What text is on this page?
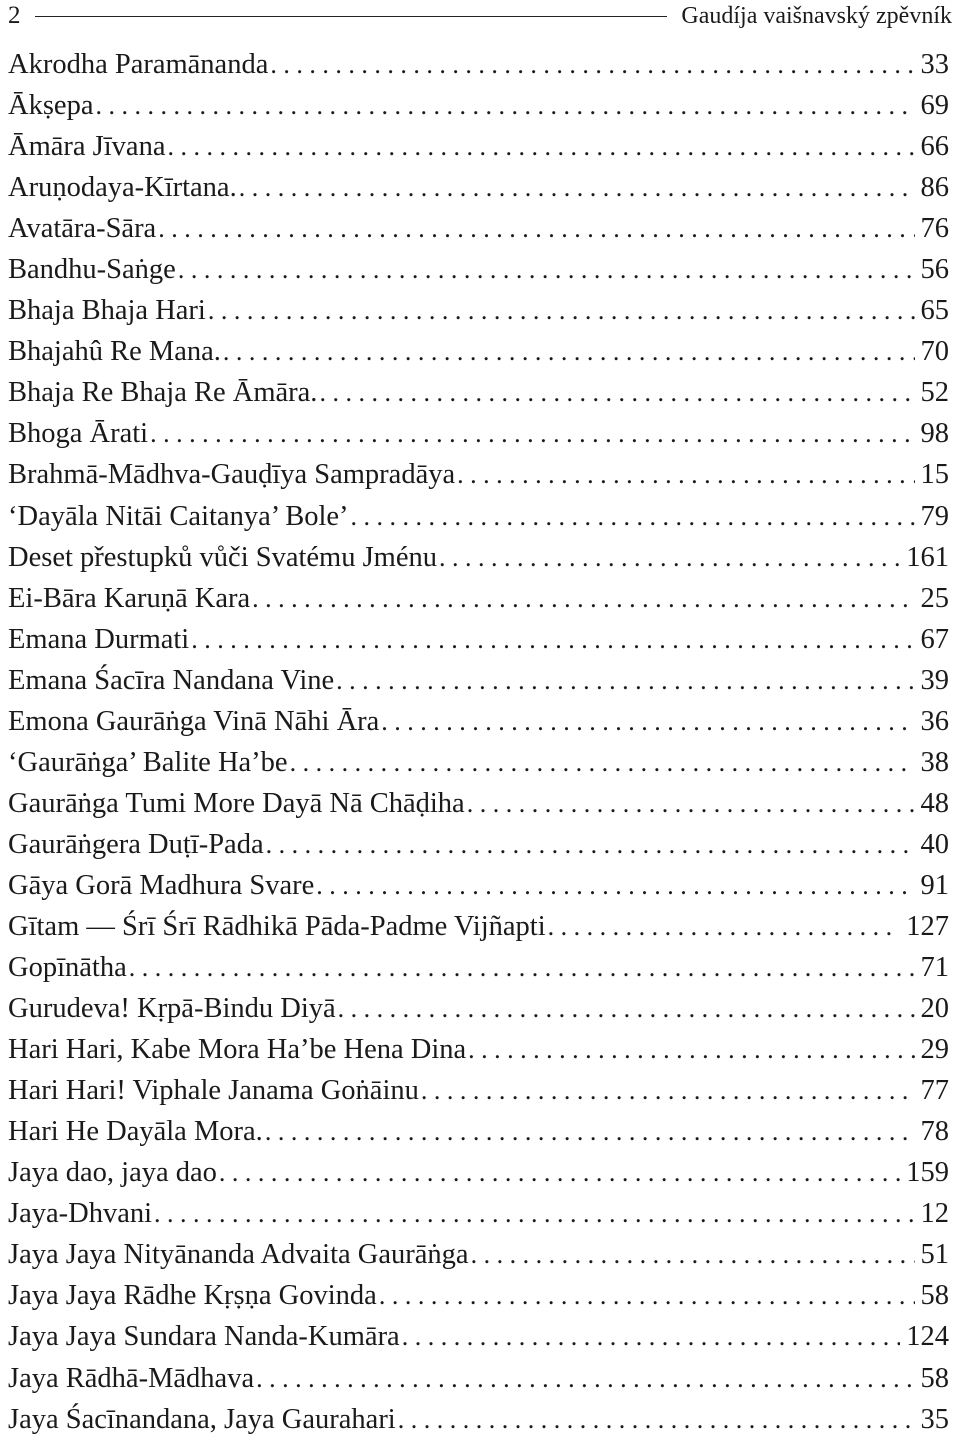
2	Gaudíja vaišnavský zpěvník
Akrodha Paramānanda . . .	33
Ākṣepa . . .	69
Āmāra Jīvana . . .	66
Aruṇodaya-Kīrtana. . . .	86
Avatāra-Sāra . . .	76
Bandhu-Saṅge . . .	56
Bhaja Bhaja Hari . . .	65
Bhajahû Re Mana. . . .	70
Bhaja Re Bhaja Re Āmāra. . . .	52
Bhoga Ārati . . .	98
Brahmā-Mādhva-Gauḍīya Sampradāya . . .	15
‘Dayāla Nitāi Caitanya’ Bole’ . . .	79
Deset přestupků vůči Svatému Jménu . . .	161
Ei-Bāra Karuṇā Kara . . .	25
Emana Durmati . . .	67
Emana Śacīra Nandana Vine . . .	39
Emona Gaurāṅga Vinā Nāhi Āra . . .	36
‘Gaurāṅga’ Balite Ha’be . . .	38
Gaurāṅga Tumi More Dayā Nā Chāḍiha . . .	48
Gaurāṅgera Duṭī-Pada . . .	40
Gāya Gorā Madhura Svare . . .	91
Gītam — Śrī Śrī Rādhikā Pāda-Padme Vijñapti . . .	127
Gopīnātha . . .	71
Gurudeva! Kṛpā-Bindu Diyā . . .	20
Hari Hari, Kabe Mora Ha’be Hena Dina . . .	29
Hari Hari! Viphale Janama Goṅāinu . . .	77
Hari He Dayāla Mora. . . .	78
Jaya dao, jaya dao . . .	159
Jaya-Dhvani . . .	12
Jaya Jaya Nityānanda Advaita Gaurāṅga . . .	51
Jaya Jaya Rādhe Kṛṣṇa Govinda . . .	58
Jaya Jaya Sundara Nanda-Kumāra . . .	124
Jaya Rādhā-Mādhava . . .	58
Jaya Śacīnandana, Jaya Gaurahari . . .	35
